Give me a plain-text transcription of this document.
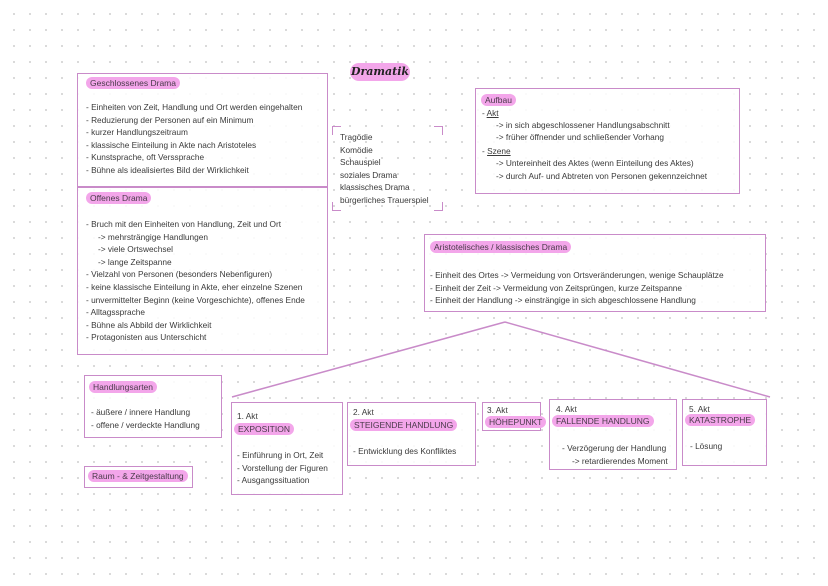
Dramatik
Geschlossenes Drama
- Einheiten von Zeit, Handlung und Ort werden eingehalten
- Reduzierung der Personen auf ein Minimum
- kurzer Handlungszeitraum
- klassische Einteilung in Akte nach Aristoteles
- Kunstsprache, oft Verssprache
- Bühne als idealisiertes Bild der Wirklichkeit
Offenes Drama
- Bruch mit den Einheiten von Handlung, Zeit und Ort
-> mehrsträngige Handlungen
-> viele Ortswechsel
-> lange Zeitspanne
- Vielzahl von Personen (besonders Nebenfiguren)
- keine klassische Einteilung in Akte, eher einzelne Szenen
- unvermittelter Beginn (keine Vorgeschichte), offenes Ende
- Alltagssprache
- Bühne als Abbild der Wirklichkeit
- Protagonisten aus Unterschicht
Tragödie
Komödie
Schauspiel
soziales Drama
klassisches Drama
bürgerliches Trauerspiel
Aufbau
- Akt
-> in sich abgeschlossener Handlungsabschnitt
-> früher öffnender und schließender Vorhang
- Szene
-> Untereinheit des Aktes (wenn Einteilung des Aktes)
-> durch Auf- und Abtreten von Personen gekennzeichnet
Aristotelisches / klassisches Drama
- Einheit des Ortes -> Vermeidung von Ortsveränderungen, wenige Schauplätze
- Einheit der Zeit -> Vermeidung von Zeitsprüngen, kurze Zeitspanne
- Einheit der Handlung -> einsträngige in sich abgeschlossene Handlung
Handlungsarten
- äußere / innere Handlung
- offene / verdeckte Handlung
Raum - & Zeitgestaltung
1. Akt
EXPOSITION
- Einführung in Ort, Zeit
- Vorstellung der Figuren
- Ausgangssituation
2. Akt
STEIGENDE HANDLUNG
- Entwicklung des Konfliktes
3. Akt
HÖHEPUNKT
4. Akt
FALLENDE HANDLUNG
- Verzögerung der Handlung
-> retardierendes Moment
5. Akt
KATASTROPHE
- Lösung
